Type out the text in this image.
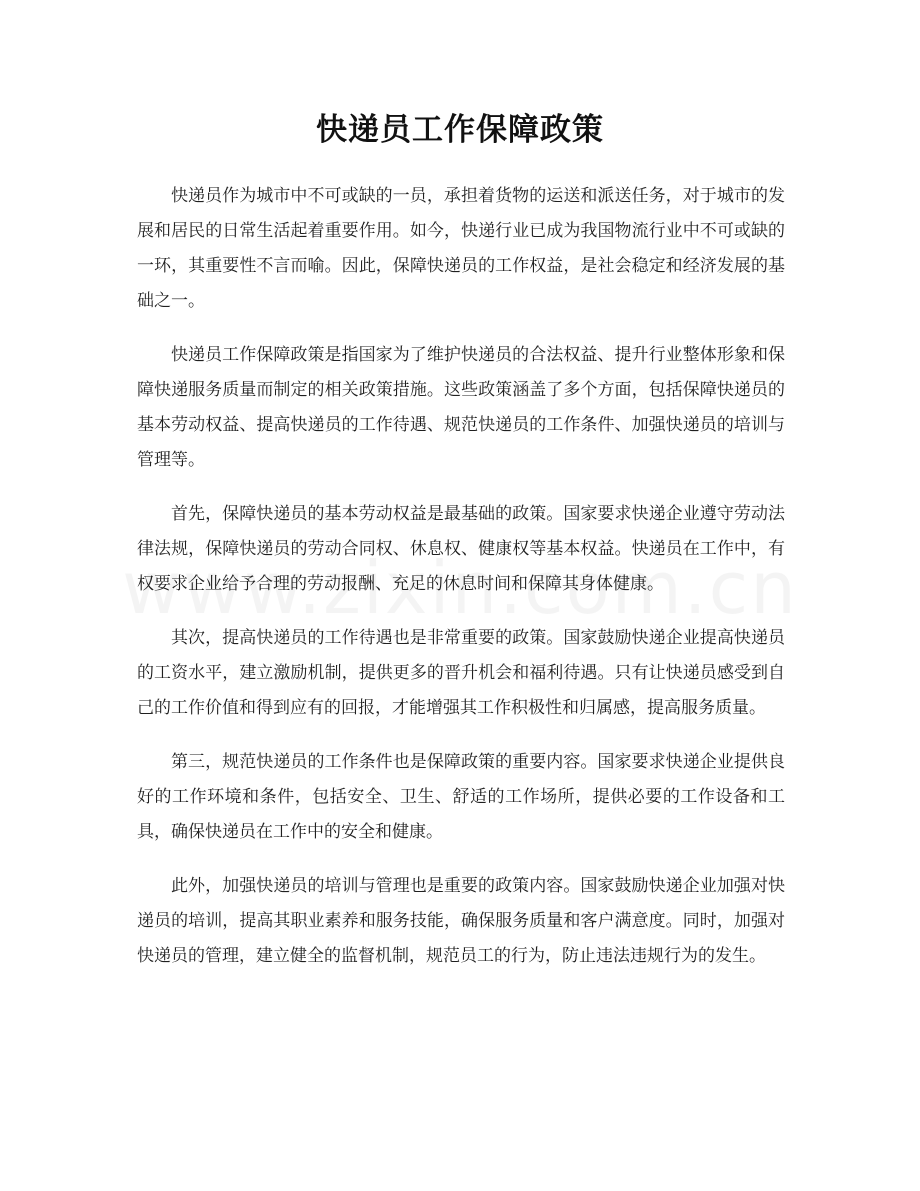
快递员工作保障政策

快递员作为城市中不可或缺的一员，承担着货物的运送和派送任务，对于城市的发展和居民的日常生活起着重要作用。如今，快递行业已成为我国物流行业中不可或缺的一环，其重要性不言而喻。因此，保障快递员的工作权益，是社会稳定和经济发展的基础之一。

快递员工作保障政策是指国家为了维护快递员的合法权益、提升行业整体形象和保障快递服务质量而制定的相关政策措施。这些政策涵盖了多个方面，包括保障快递员的基本劳动权益、提高快递员的工作待遇、规范快递员的工作条件、加强快递员的培训与管理等。

首先，保障快递员的基本劳动权益是最基础的政策。国家要求快递企业遵守劳动法律法规，保障快递员的劳动合同权、休息权、健康权等基本权益。快递员在工作中，有权要求企业给予合理的劳动报酬、充足的休息时间和保障其身体健康。

其次，提高快递员的工作待遇也是非常重要的政策。国家鼓励快递企业提高快递员的工资水平，建立激励机制，提供更多的晋升机会和福利待遇。只有让快递员感受到自己的工作价值和得到应有的回报，才能增强其工作积极性和归属感，提高服务质量。

第三，规范快递员的工作条件也是保障政策的重要内容。国家要求快递企业提供良好的工作环境和条件，包括安全、卫生、舒适的工作场所，提供必要的工作设备和工具，确保快递员在工作中的安全和健康。

此外，加强快递员的培训与管理也是重要的政策内容。国家鼓励快递企业加强对快递员的培训，提高其职业素养和服务技能，确保服务质量和客户满意度。同时，加强对快递员的管理，建立健全的监督机制，规范员工的行为，防止违法违规行为的发生。
